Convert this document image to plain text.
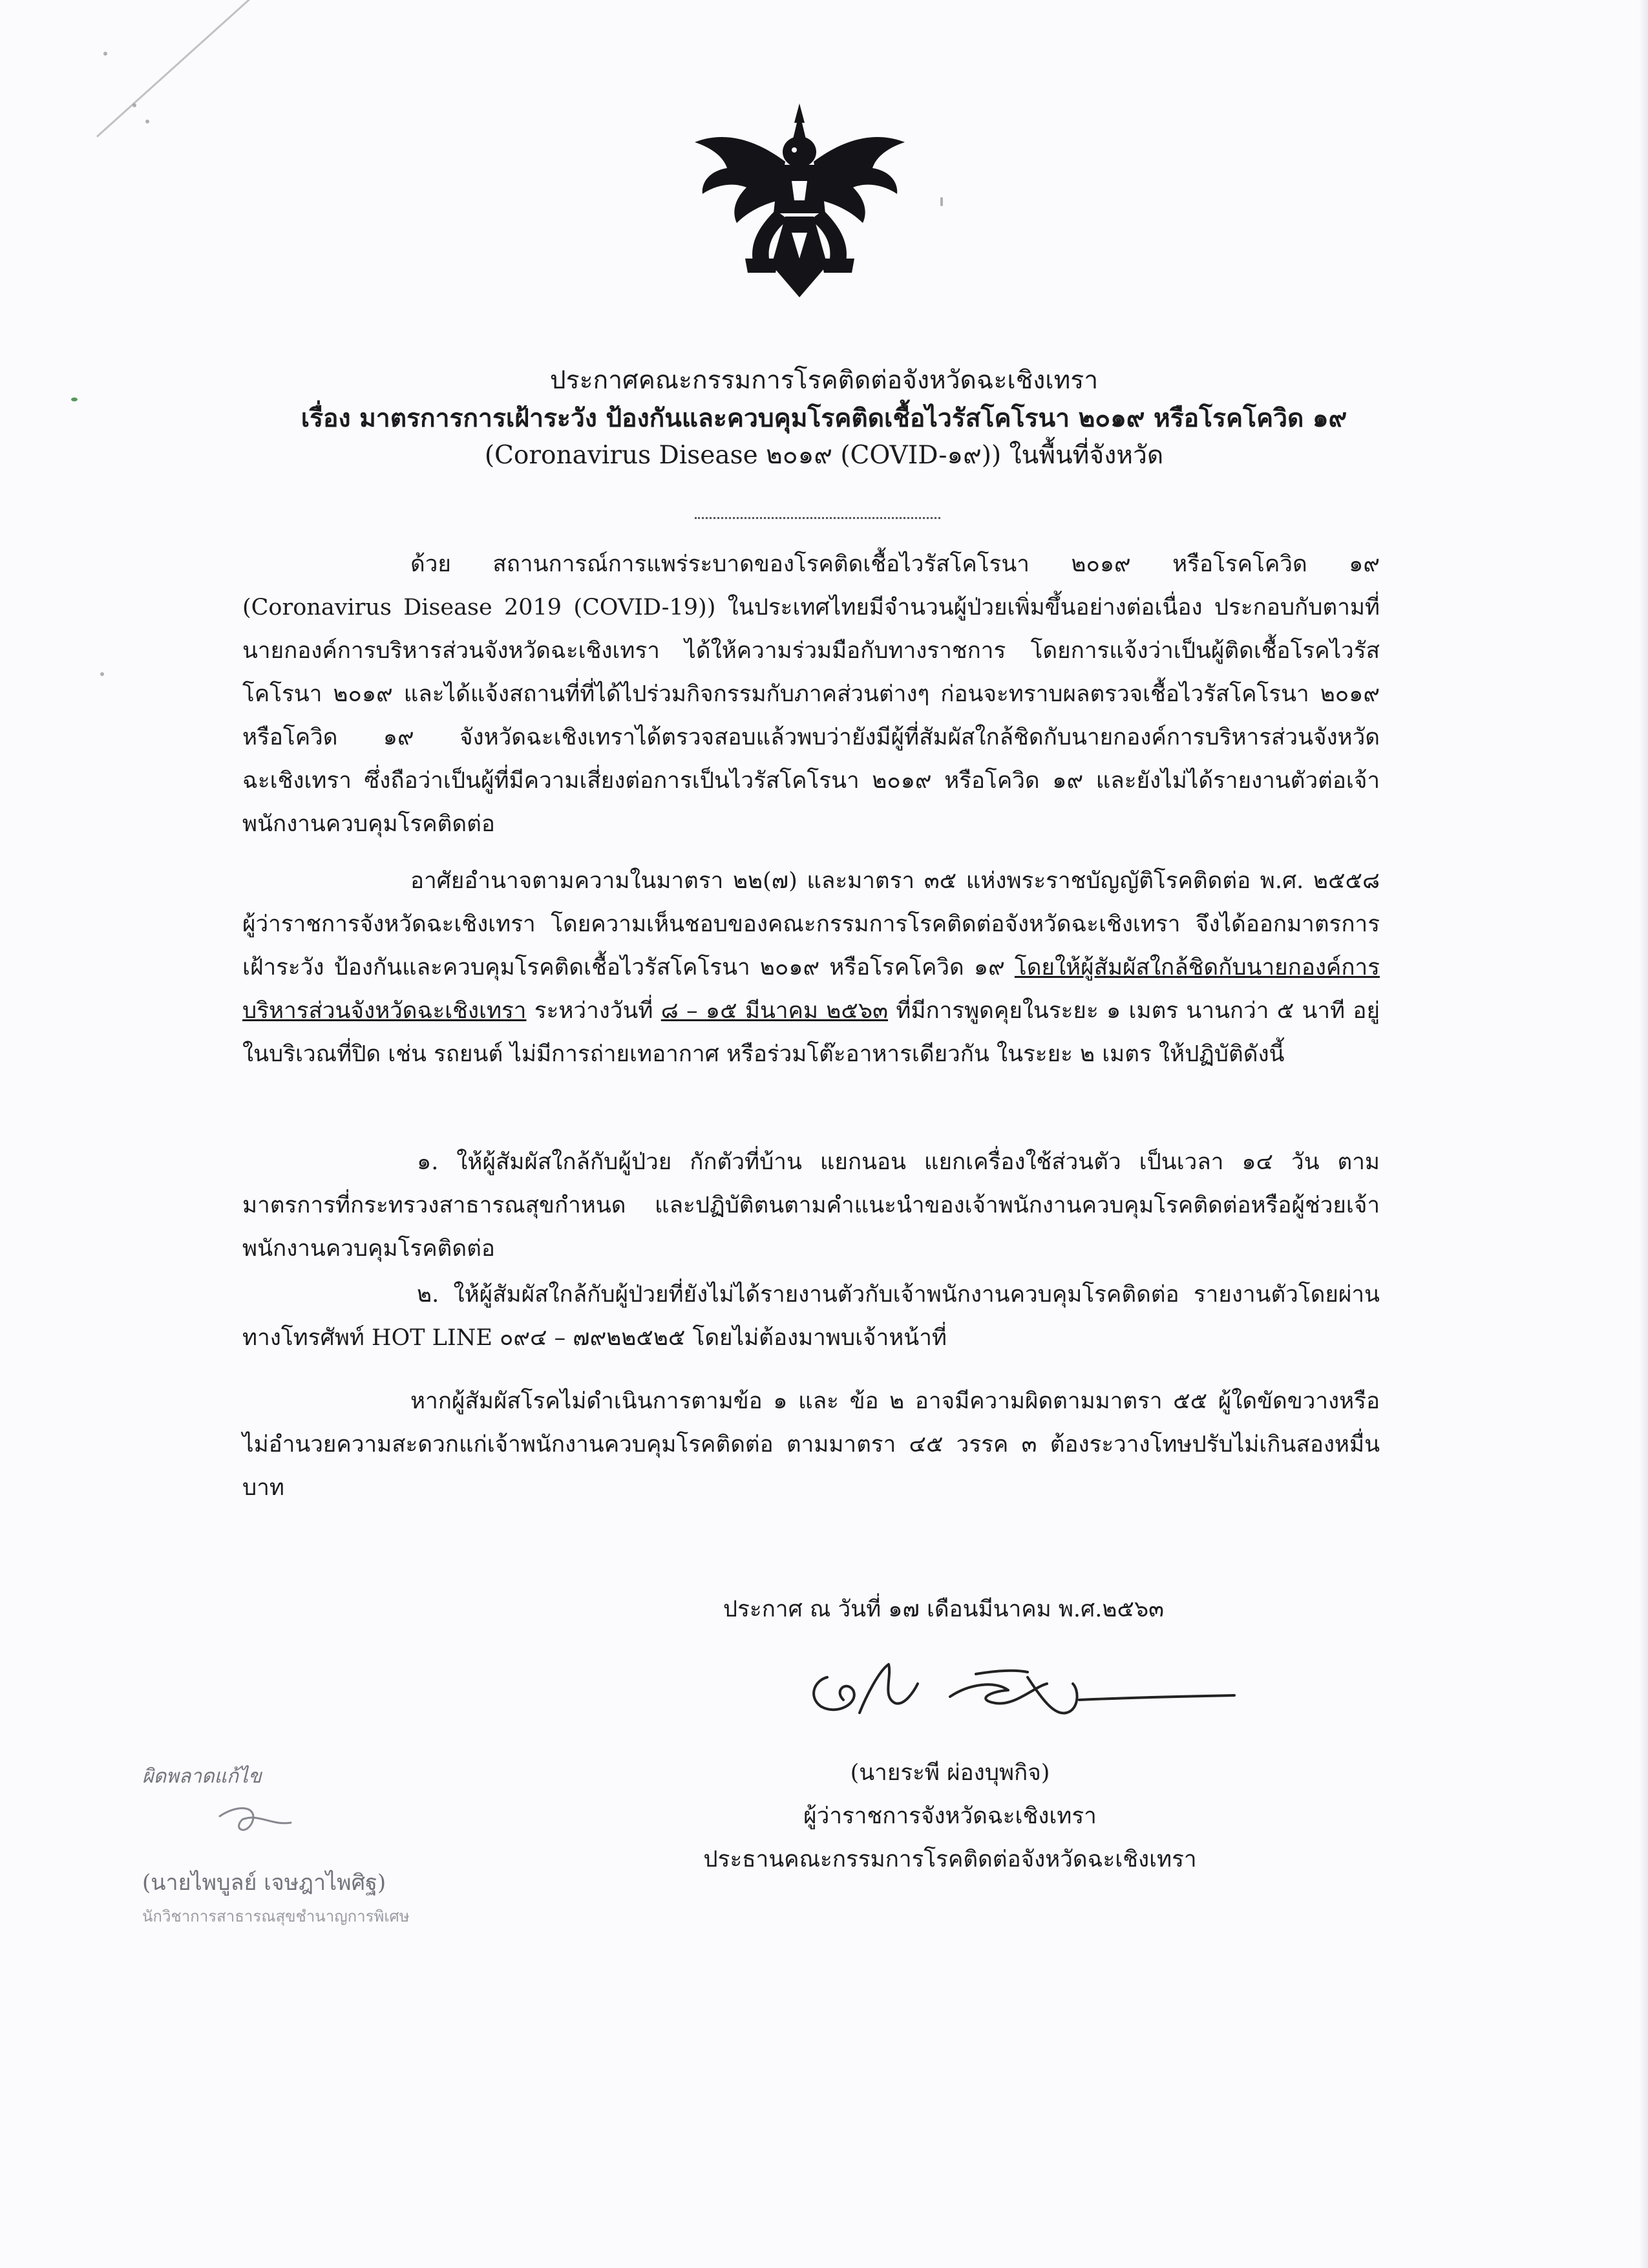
ประกาศคณะกรรมการโรคติดต่อจังหวัดฉะเชิงเทรา
เรื่อง มาตรการการเฝ้าระวัง ป้องกันและควบคุมโรคติดเชื้อไวรัสโคโรนา ๒๐๑๙ หรือโรคโควิด ๑๙
(Coronavirus Disease ๒๐๑๙ (COVID-๑๙)) ในพื้นที่จังหวัด
ด้วย สถานการณ์การแพร่ระบาดของโรคติดเชื้อไวรัสโคโรนา ๒๐๑๙ หรือโรคโควิด ๑๙ (Coronavirus Disease 2019 (COVID-19)) ในประเทศไทยมีจำนวนผู้ป่วยเพิ่มขึ้นอย่างต่อเนื่อง ประกอบกับตามที่ นายกองค์การบริหารส่วนจังหวัดฉะเชิงเทรา ได้ให้ความร่วมมือกับทางราชการ โดยการแจ้งว่าเป็นผู้ติดเชื้อโรคไวรัสโคโรนา ๒๐๑๙ และได้แจ้งสถานที่ที่ได้ไปร่วมกิจกรรมกับภาคส่วนต่างๆ ก่อนจะทราบผลตรวจเชื้อไวรัสโคโรนา ๒๐๑๙ หรือโควิด ๑๙ จังหวัดฉะเชิงเทราได้ตรวจสอบแล้วพบว่ายังมีผู้ที่สัมผัสใกล้ชิดกับนายกองค์การบริหารส่วนจังหวัดฉะเชิงเทรา ซึ่งถือว่าเป็นผู้ที่มีความเสี่ยงต่อการเป็นไวรัสโคโรนา ๒๐๑๙ หรือโควิด ๑๙ และยังไม่ได้รายงานตัวต่อเจ้าพนักงานควบคุมโรคติดต่อ
อาศัยอำนาจตามความในมาตรา ๒๒(๗) และมาตรา ๓๕ แห่งพระราชบัญญัติโรคติดต่อ พ.ศ. ๒๕๕๘ ผู้ว่าราชการจังหวัดฉะเชิงเทรา โดยความเห็นชอบของคณะกรรมการโรคติดต่อจังหวัดฉะเชิงเทรา จึงได้ออกมาตรการเฝ้าระวัง ป้องกันและควบคุมโรคติดเชื้อไวรัสโคโรนา ๒๐๑๙ หรือโรคโควิด ๑๙ โดยให้ผู้สัมผัสใกล้ชิดกับนายกองค์การบริหารส่วนจังหวัดฉะเชิงเทรา ระหว่างวันที่ ๘ – ๑๕ มีนาคม ๒๕๖๓ ที่มีการพูดคุยในระยะ ๑ เมตร นานกว่า ๕ นาที อยู่ในบริเวณที่ปิด เช่น รถยนต์ ไม่มีการถ่ายเทอากาศ หรือร่วมโต๊ะอาหารเดียวกัน ในระยะ ๒ เมตร ให้ปฏิบัติดังนี้
๑. ให้ผู้สัมผัสใกล้กับผู้ป่วย กักตัวที่บ้าน แยกนอน แยกเครื่องใช้ส่วนตัว เป็นเวลา ๑๔ วัน ตามมาตรการที่กระทรวงสาธารณสุขกำหนด และปฏิบัติตนตามคำแนะนำของเจ้าพนักงานควบคุมโรคติดต่อหรือผู้ช่วยเจ้าพนักงานควบคุมโรคติดต่อ
๒. ให้ผู้สัมผัสใกล้กับผู้ป่วยที่ยังไม่ได้รายงานตัวกับเจ้าพนักงานควบคุมโรคติดต่อ รายงานตัวโดยผ่านทางโทรศัพท์ HOT LINE ๐๙๔ – ๗๙๒๒๕๒๕ โดยไม่ต้องมาพบเจ้าหน้าที่
หากผู้สัมผัสโรคไม่ดำเนินการตามข้อ ๑ และ ข้อ ๒ อาจมีความผิดตามมาตรา ๕๕ ผู้ใดขัดขวางหรือไม่อำนวยความสะดวกแก่เจ้าพนักงานควบคุมโรคติดต่อ ตามมาตรา ๔๕ วรรค ๓ ต้องระวางโทษปรับไม่เกินสองหมื่นบาท
ประกาศ ณ วันที่ ๑๗ เดือนมีนาคม พ.ศ.๒๕๖๓
(นายระพี ผ่องบุพกิจ)
ผู้ว่าราชการจังหวัดฉะเชิงเทรา
ประธานคณะกรรมการโรคติดต่อจังหวัดฉะเชิงเทรา
ผิดพลาดแก้ไข
(นายไพบูลย์ เจษฎาไพศิฐ)
นักวิชาการสาธารณสุขชำนาญการพิเศษ
